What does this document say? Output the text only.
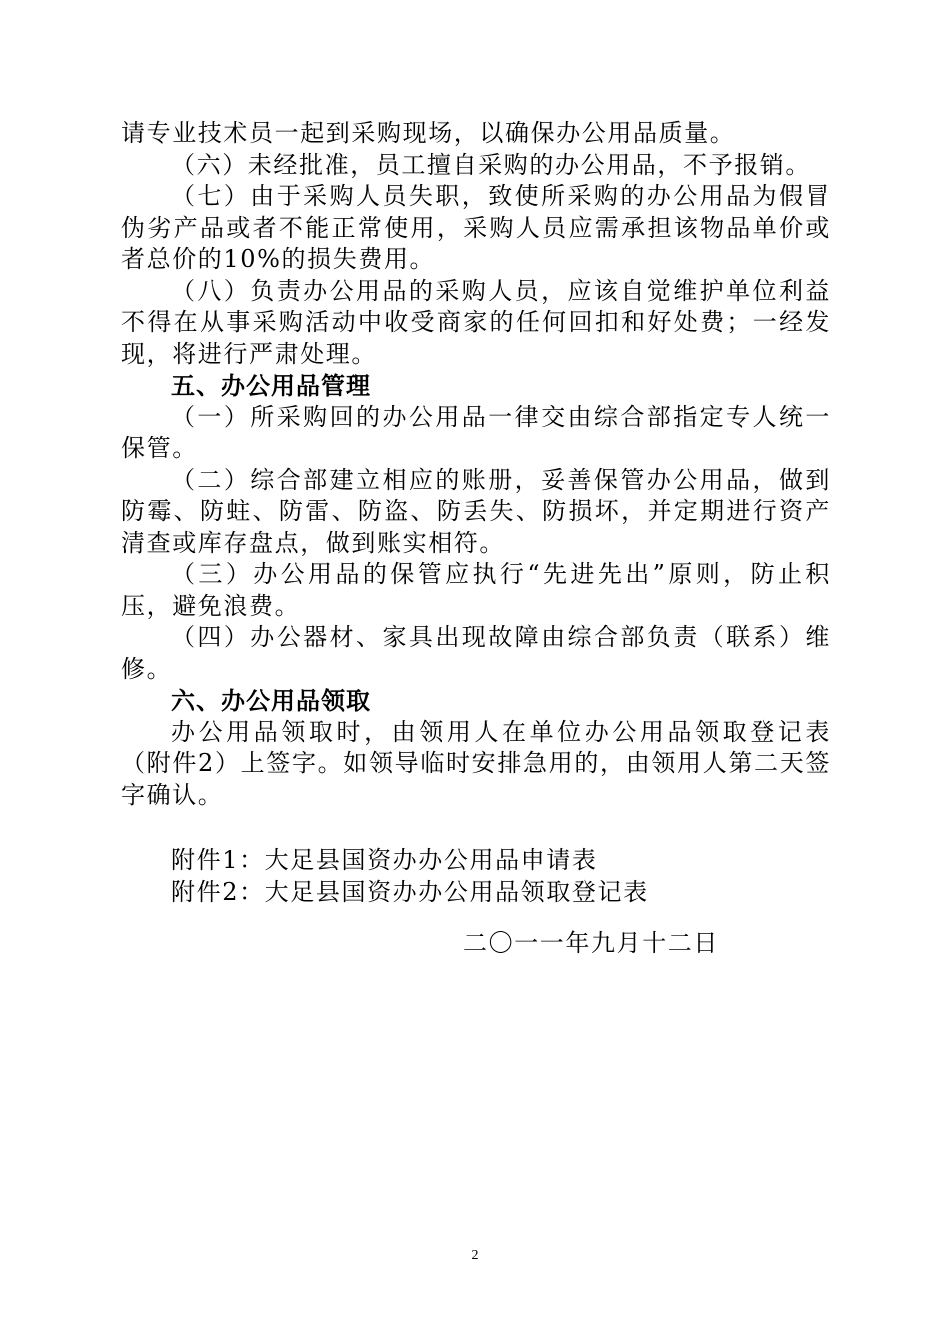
请专业技术员一起到采购现场，以确保办公用品质量。

（六）未经批准，员工擅自采购的办公用品，不予报销。

（七）由于采购人员失职，致使所采购的办公用品为假冒伪劣产品或者不能正常使用，采购人员应需承担该物品单价或者总价的10%的损失费用。

（八）负责办公用品的采购人员，应该自觉维护单位利益不得在从事采购活动中收受商家的任何回扣和好处费；一经发现，将进行严肃处理。

五、办公用品管理

（一）所采购回的办公用品一律交由综合部指定专人统一保管。

（二）综合部建立相应的账册，妥善保管办公用品，做到防霉、防蛀、防雷、防盗、防丢失、防损坏，并定期进行资产清查或库存盘点，做到账实相符。

（三）办公用品的保管应执行“先进先出”原则，防止积压，避免浪费。

（四）办公器材、家具出现故障由综合部负责（联系）维修。

六、办公用品领取

办公用品领取时，由领用人在单位办公用品领取登记表（附件2）上签字。如领导临时安排急用的，由领用人第二天签字确认。

附件1：大足县国资办办公用品申请表

附件2：大足县国资办办公用品领取登记表

二〇一一年九月十二日
2
